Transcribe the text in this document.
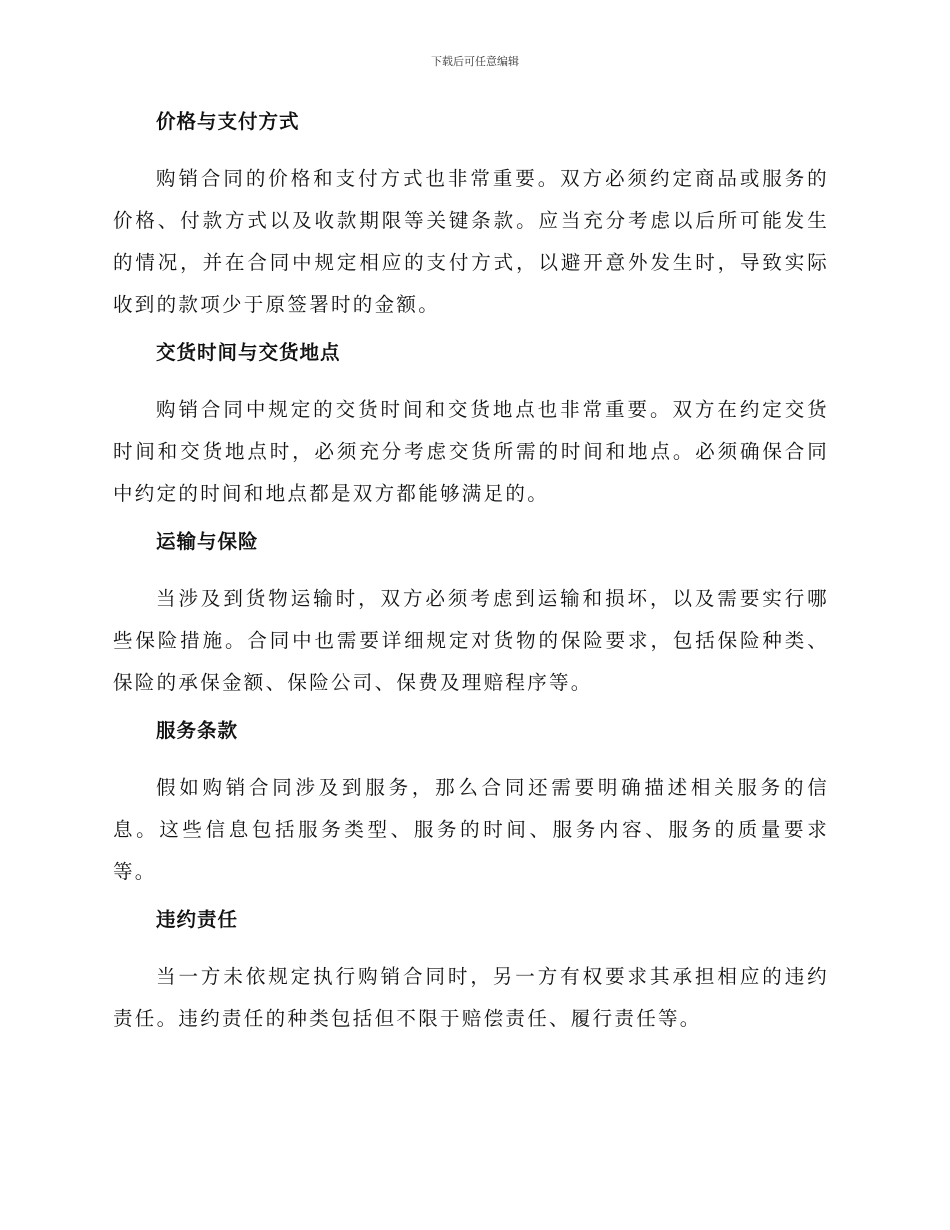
下载后可任意编辑
价格与支付方式

购销合同的价格和支付方式也非常重要。双方必须约定商品或服务的价格、付款方式以及收款期限等关键条款。应当充分考虑以后所可能发生的情况，并在合同中规定相应的支付方式，以避开意外发生时，导致实际收到的款项少于原签署时的金额。

交货时间与交货地点

购销合同中规定的交货时间和交货地点也非常重要。双方在约定交货时间和交货地点时，必须充分考虑交货所需的时间和地点。必须确保合同中约定的时间和地点都是双方都能够满足的。

运输与保险

当涉及到货物运输时，双方必须考虑到运输和损坏，以及需要实行哪些保险措施。合同中也需要详细规定对货物的保险要求，包括保险种类、保险的承保金额、保险公司、保费及理赔程序等。

服务条款

假如购销合同涉及到服务，那么合同还需要明确描述相关服务的信息。这些信息包括服务类型、服务的时间、服务内容、服务的质量要求等。

违约责任

当一方未依规定执行购销合同时，另一方有权要求其承担相应的违约责任。违约责任的种类包括但不限于赔偿责任、履行责任等。
